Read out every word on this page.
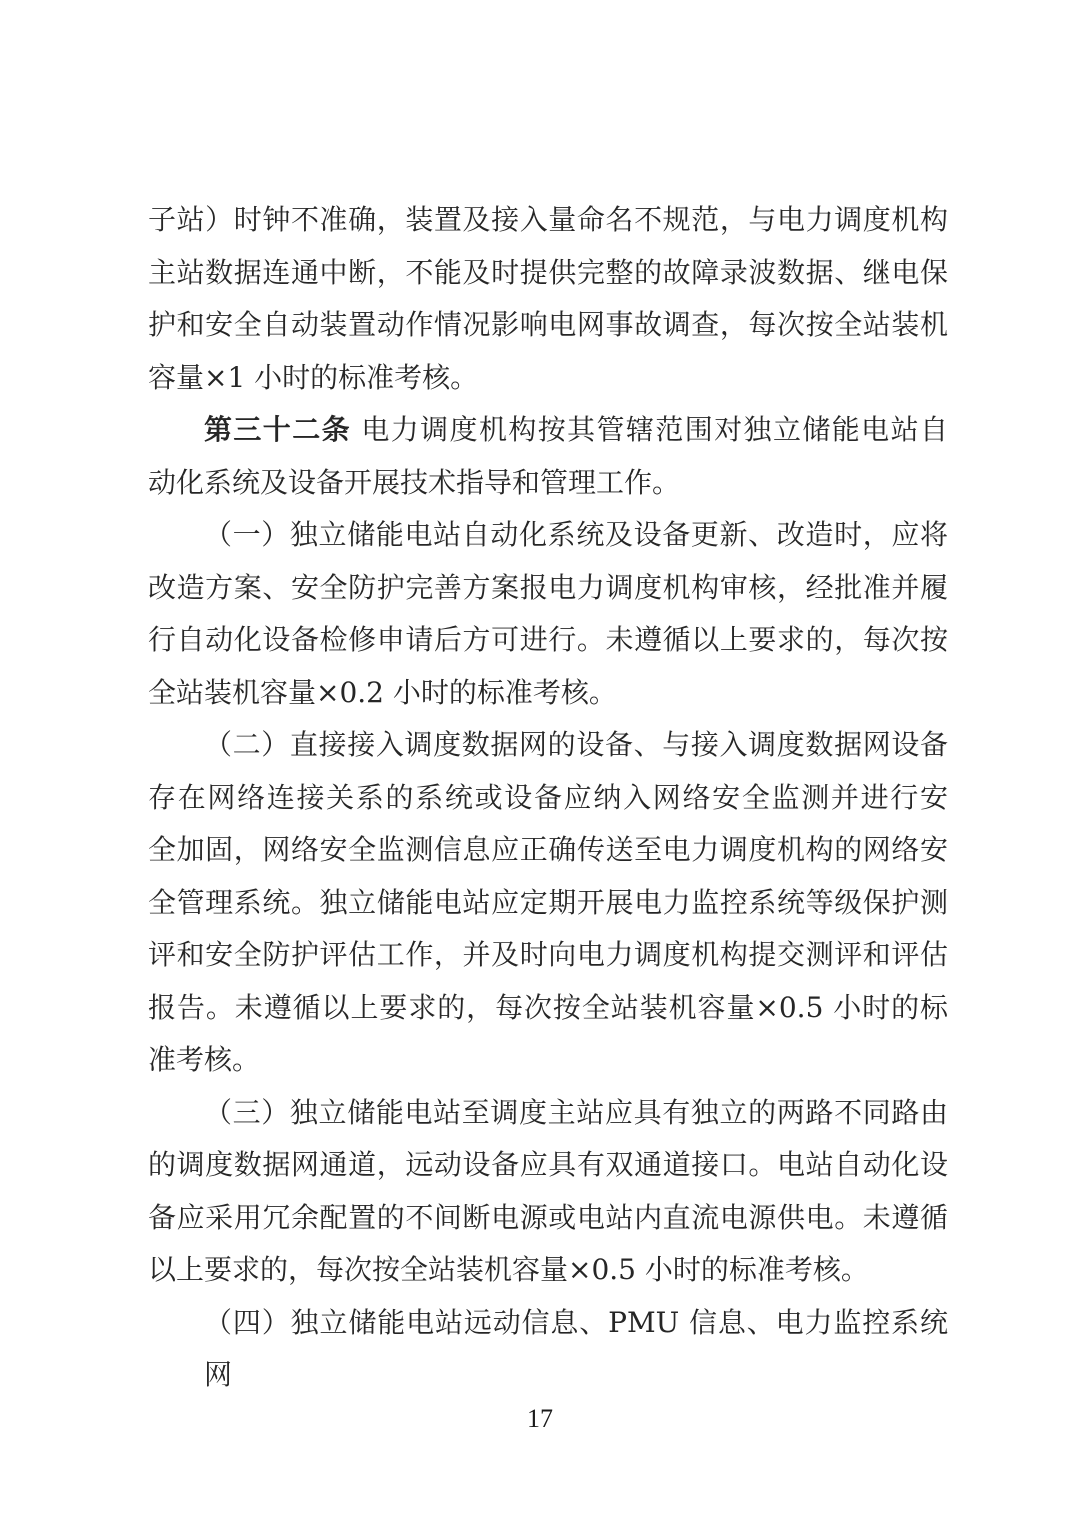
子站）时钟不准确，装置及接入量命名不规范，与电力调度机构
主站数据连通中断，不能及时提供完整的故障录波数据、继电保
护和安全自动装置动作情况影响电网事故调查，每次按全站装机
容量×1 小时的标准考核。
第三十二条 电力调度机构按其管辖范围对独立储能电站自
动化系统及设备开展技术指导和管理工作。
（一）独立储能电站自动化系统及设备更新、改造时，应将
改造方案、安全防护完善方案报电力调度机构审核，经批准并履
行自动化设备检修申请后方可进行。未遵循以上要求的，每次按
全站装机容量×0.2 小时的标准考核。
（二）直接接入调度数据网的设备、与接入调度数据网设备
存在网络连接关系的系统或设备应纳入网络安全监测并进行安
全加固，网络安全监测信息应正确传送至电力调度机构的网络安
全管理系统。独立储能电站应定期开展电力监控系统等级保护测
评和安全防护评估工作，并及时向电力调度机构提交测评和评估
报告。未遵循以上要求的，每次按全站装机容量×0.5 小时的标
准考核。
（三）独立储能电站至调度主站应具有独立的两路不同路由
的调度数据网通道，远动设备应具有双通道接口。电站自动化设
备应采用冗余配置的不间断电源或电站内直流电源供电。未遵循
以上要求的，每次按全站装机容量×0.5 小时的标准考核。
（四）独立储能电站远动信息、PMU 信息、电力监控系统网
17
